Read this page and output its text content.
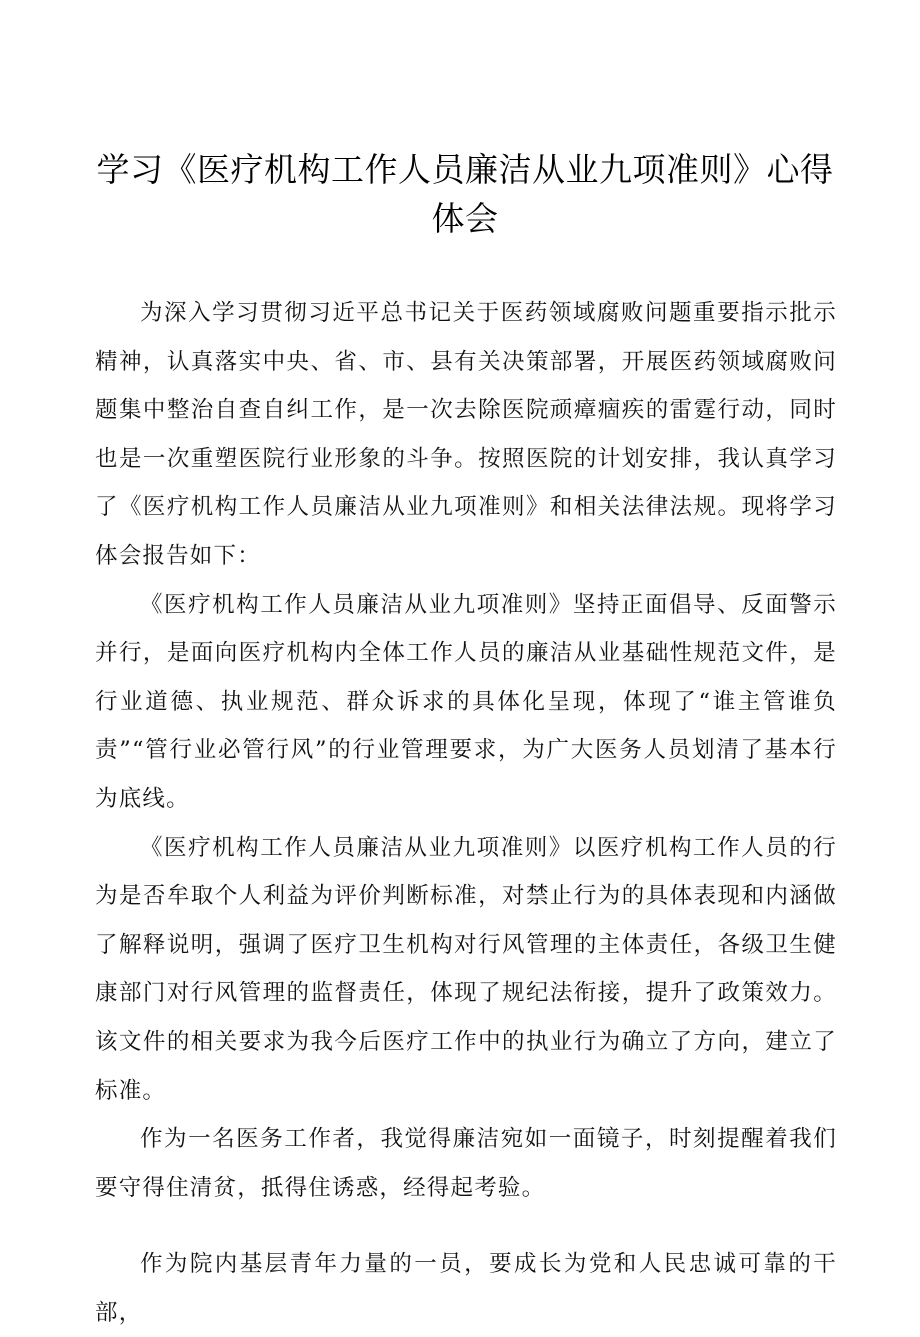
学习《医疗机构工作人员廉洁从业九项准则》心得体会

为深入学习贯彻习近平总书记关于医药领域腐败问题重要指示批示精神，认真落实中央、省、市、县有关决策部署，开展医药领域腐败问题集中整治自查自纠工作，是一次去除医院顽瘴痼疾的雷霆行动，同时也是一次重塑医院行业形象的斗争。按照医院的计划安排，我认真学习了《医疗机构工作人员廉洁从业九项准则》和相关法律法规。现将学习体会报告如下：

《医疗机构工作人员廉洁从业九项准则》坚持正面倡导、反面警示并行，是面向医疗机构内全体工作人员的廉洁从业基础性规范文件，是行业道德、执业规范、群众诉求的具体化呈现，体现了“谁主管谁负责”“管行业必管行风”的行业管理要求，为广大医务人员划清了基本行为底线。

《医疗机构工作人员廉洁从业九项准则》以医疗机构工作人员的行为是否牟取个人利益为评价判断标准，对禁止行为的具体表现和内涵做了解释说明，强调了医疗卫生机构对行风管理的主体责任，各级卫生健康部门对行风管理的监督责任，体现了规纪法衔接，提升了政策效力。该文件的相关要求为我今后医疗工作中的执业行为确立了方向，建立了标准。

作为一名医务工作者，我觉得廉洁宛如一面镜子，时刻提醒着我们要守得住清贫，抵得住诱惑，经得起考验。

作为院内基层青年力量的一员，要成长为党和人民忠诚可靠的干部，
